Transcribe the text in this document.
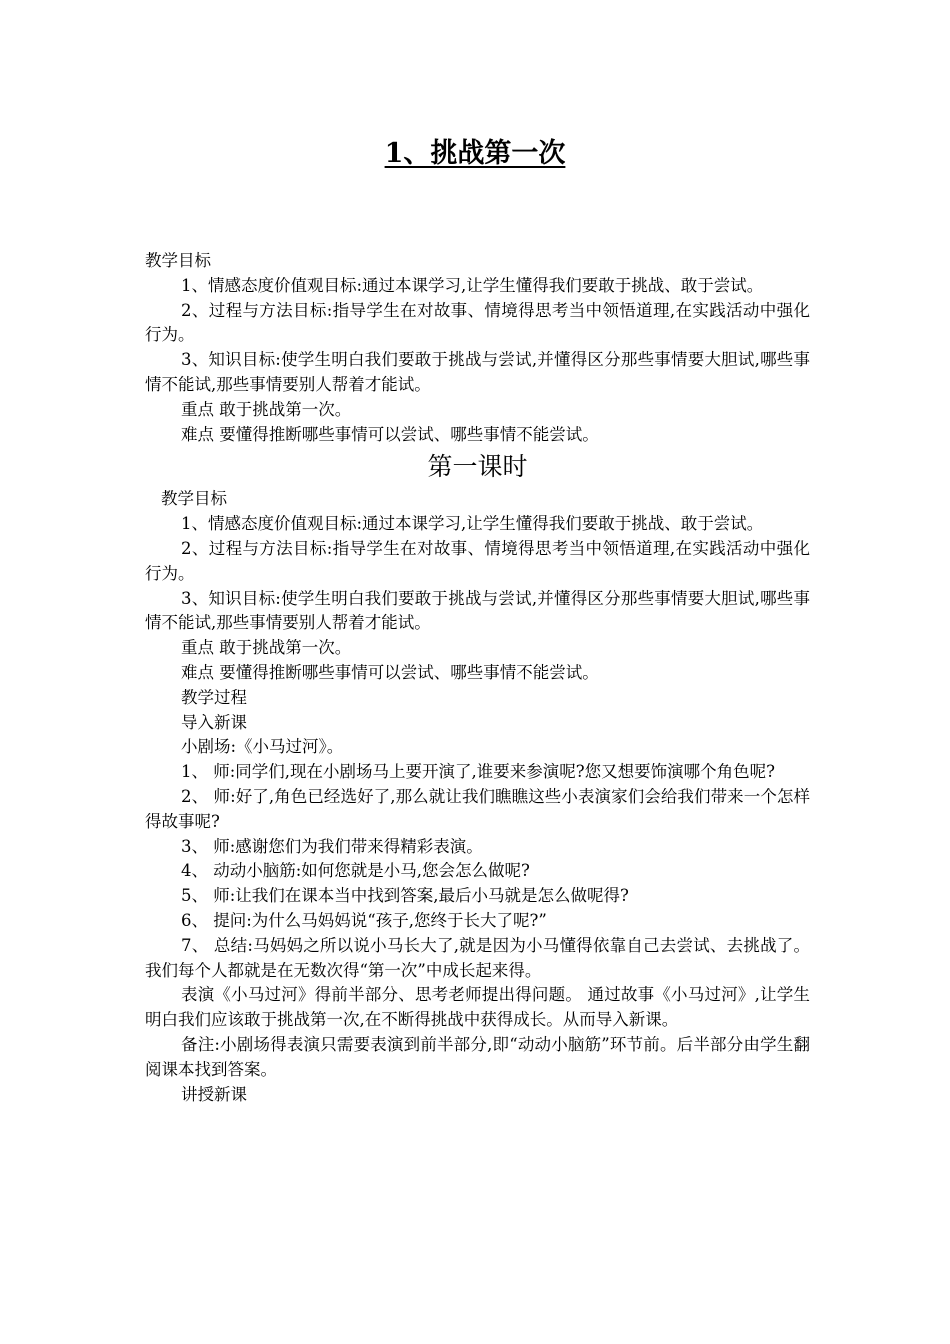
1、挑战第一次

教学目标

1、情感态度价值观目标:通过本课学习,让学生懂得我们要敢于挑战、敢于尝试。

2、过程与方法目标:指导学生在对故事、情境得思考当中领悟道理,在实践活动中强化行为。

3、知识目标:使学生明白我们要敢于挑战与尝试,并懂得区分那些事情要大胆试,哪些事情不能试,那些事情要别人帮着才能试。

重点 敢于挑战第一次。

难点 要懂得推断哪些事情可以尝试、哪些事情不能尝试。

第一课时

教学目标

1、情感态度价值观目标:通过本课学习,让学生懂得我们要敢于挑战、敢于尝试。

2、过程与方法目标:指导学生在对故事、情境得思考当中领悟道理,在实践活动中强化行为。

3、知识目标:使学生明白我们要敢于挑战与尝试,并懂得区分那些事情要大胆试,哪些事情不能试,那些事情要别人帮着才能试。

重点 敢于挑战第一次。

难点 要懂得推断哪些事情可以尝试、哪些事情不能尝试。

教学过程

导入新课

小剧场:《小马过河》。

1、 师:同学们,现在小剧场马上要开演了,谁要来参演呢?您又想要饰演哪个角色呢?

2、 师:好了,角色已经选好了,那么就让我们瞧瞧这些小表演家们会给我们带来一个怎样得故事呢?

3、 师:感谢您们为我们带来得精彩表演。

4、 动动小脑筋:如何您就是小马,您会怎么做呢?

5、 师:让我们在课本当中找到答案,最后小马就是怎么做呢得?

6、 提问:为什么马妈妈说“孩子,您终于长大了呢?”

7、 总结:马妈妈之所以说小马长大了,就是因为小马懂得依靠自己去尝试、去挑战了。我们每个人都就是在无数次得“第一次”中成长起来得。

表演《小马过河》得前半部分、思考老师提出得问题。 通过故事《小马过河》,让学生明白我们应该敢于挑战第一次,在不断得挑战中获得成长。从而导入新课。

备注:小剧场得表演只需要表演到前半部分,即“动动小脑筋”环节前。后半部分由学生翻阅课本找到答案。

讲授新课
